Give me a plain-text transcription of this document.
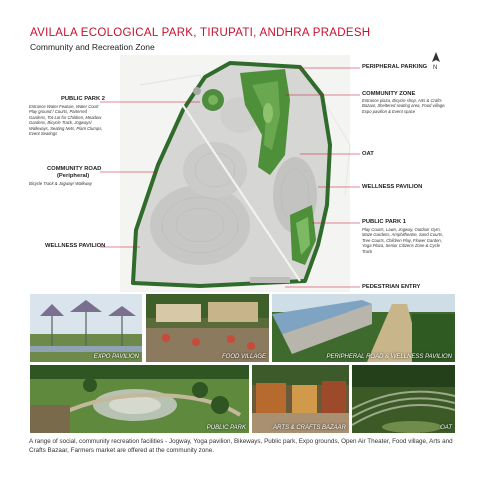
AVILALA ECOLOGICAL PARK, TIRUPATI, ANDHRA PRADESH
Community and Recreation Zone
N
PUBLIC PARK 2
Entrance Water Feature, Water Court Play ground / Courts, Parterred Gardens, Tot-Lot for Children, Meadow Gardens, Bicycle Track, Jogways/ Walkways, Seating Nets, Plam Clumps, Event Seatings
COMMUNITY ROAD
(Peripheral)
Bicycle Track & Jogway/ Walkway
WELLNESS PAVILION
PERIPHERAL PARKING
COMMUNITY ZONE
Entrance plaza, Bicycle shop, Arts & Crafts Bazaar, Sheltered seating area, Food village, Expo pavilion & Event space
OAT
WELLNESS PAVILION
PUBLIC PARK 1
Play Courts, Lawn, Jogway, Outdoor Gym, Maze Gardens, Amphitheatre, Sand Courts, Tree Courts, Children Play, Flower Garden, Yoga Plaza, Senior Citizens Zone & Cycle Track
PEDESTRIAN ENTRY
EXPO PAVILION	FOOD VILLAGE	PERIPHERAL ROAD & WELLNESS PAVILION
PUBLIC PARK	ARTS & CRAFTS BAZAAR	OAT
A range of social, community recreation facilities - Jogway, Yoga pavilion, Bikeways, Public park, Expo grounds, Open Air Theater, Food village, Arts and Crafts Bazaar, Farmers market are offered at the community zone.
